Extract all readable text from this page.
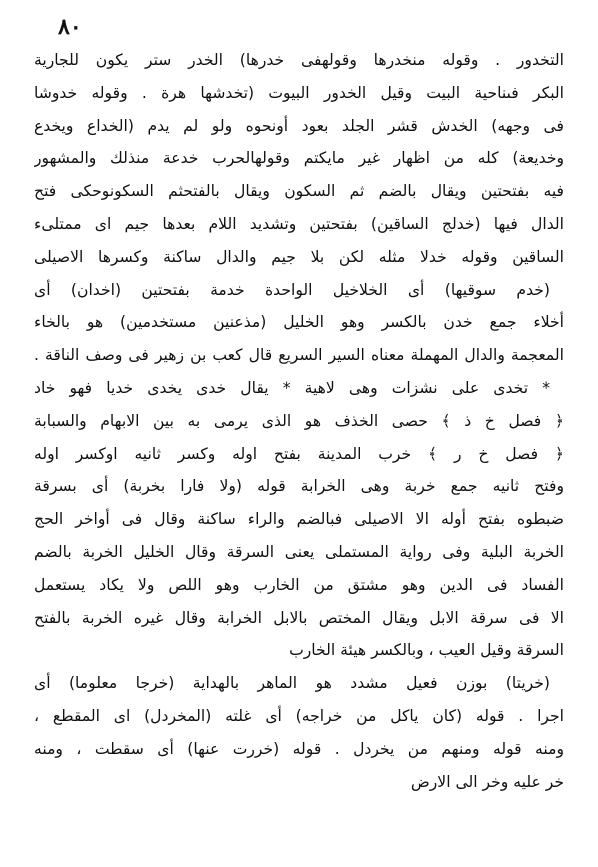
٨٠
التخدور . وقوله منخدرها وقولهفى خدرها) الخدر ستر يكون للجارية
البكر فىناحية البيت وقيل الخدور البيوت (تخدشها هرة . وقوله خدوشا
فى وجهه) الخدش قشر الجلد بعود أونحوه ولو لم يدم (الخداع ويخدع
وخديعة) كله من اظهار غير مايكتم وقولهالحرب خدعة منذلك والمشهور
فيه بفتحتين ويقال بالضم ثم السكون ويقال بالفتحثم السكونوحكى فتح
الدال فيها (خدلج الساقين) بفتحتين وتشديد اللام بعدها جيم اى ممتلىء
الساقين وقوله خدلا مثله لكن بلا جيم والدال ساكنة وكسرها الاصيلى
(خدم سوقيها) أى الخلاخيل الواحدة خدمة بفتحتين (اخدان) أى
أخلاء جمع خدن بالكسر وهو الخليل (مذعنين مستخدمين) هو بالخاء
المعجمة والدال المهملة معناه السير السريع قال كعب بن زهير فى وصف الناقة .
* تخدى على نشزات وهى لاهية * يقال خدى يخدى خديا فهو خاد
﴿ فصل خ ذ ﴾ حصى الخذف هو الذى يرمى به بين الابهام والسبابة
﴿ فصل خ ر ﴾ خرب المدينة بفتح اوله وكسر ثانيه اوكسر اوله
وفتح ثانيه جمع خربة وهى الخرابة قوله (ولا فارا بخربة) أى بسرقة
ضبطوه بفتح أوله الا الاصيلى فبالضم والراء ساكنة وقال فى أواخر الحج
الخربة البلية وفى رواية المستملى يعنى السرقة وقال الخليل الخربة بالضم
الفساد فى الدين وهو مشتق من الخارب وهو اللص ولا يكاد يستعمل
الا فى سرقة الابل ويقال المختص بالابل الخرابة وقال غيره الخربة بالفتح
السرقة وقيل العيب ، وبالكسر هيئة الخارب
(خريتا) بوزن فعيل مشدد هو الماهر بالهداية (خرجا معلوما) أى
اجرا . قوله (كان ياكل من خراجه) أى غلته (المخردل) اى المقطع ،
ومنه قوله ومنهم من يخردل . قوله (خررت عنها) أى سقطت ، ومنه
خر عليه وخر الى الارض
